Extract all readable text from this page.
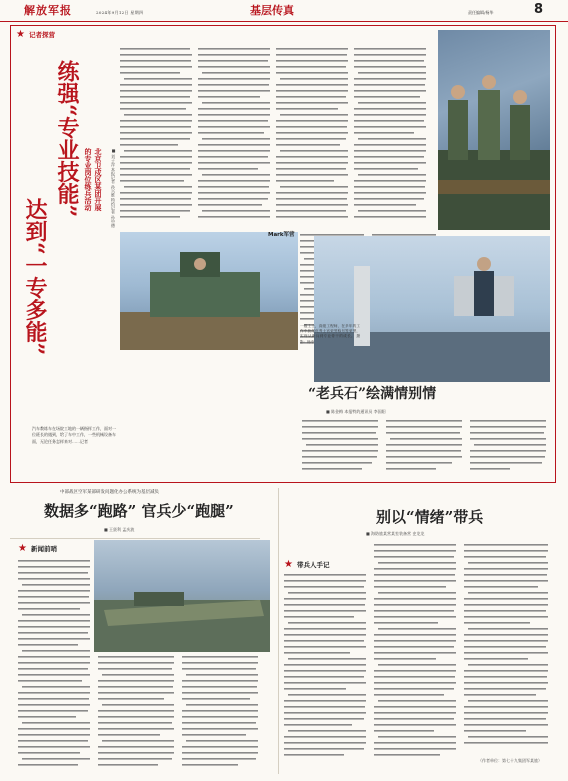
解放军报	2024年9月12日 星期四	基层传真	责任编辑/杨华	8
★ 记者探营
练强“专业技能”
达到“一专多能”
北京卫戍区某团开展
的专业岗位练兵活动	■ 刘子淳 本报记者 孙兴维 特约记者 孙中德
汽车教练车在场院工地的一辆指挥工作，面对一位班长的遇到，给了车中工作，一些机械设备车面，无论任务怎样来对……记者
Mark军营
一级上士，高级工程师，在多年的工作中获得优秀士官荣誉称号等荣誉，实现从新兵到专业骨干的成长。 摄影：杨中
“老兵石”绘满情别情
■ 陈金梅 本报特约通讯员 李国阳
中部战区空军某部研发问题化办公系统为基层减负
数据多“跑路” 官兵少“跑腿”
■ 王贤利 孟庆波
★ 新闻前哨
别以“情绪”带兵
■ 海防旅某营某室装备营 史龙龙
★ 带兵人手记
（作者单位：第七十九集团军某旅）
